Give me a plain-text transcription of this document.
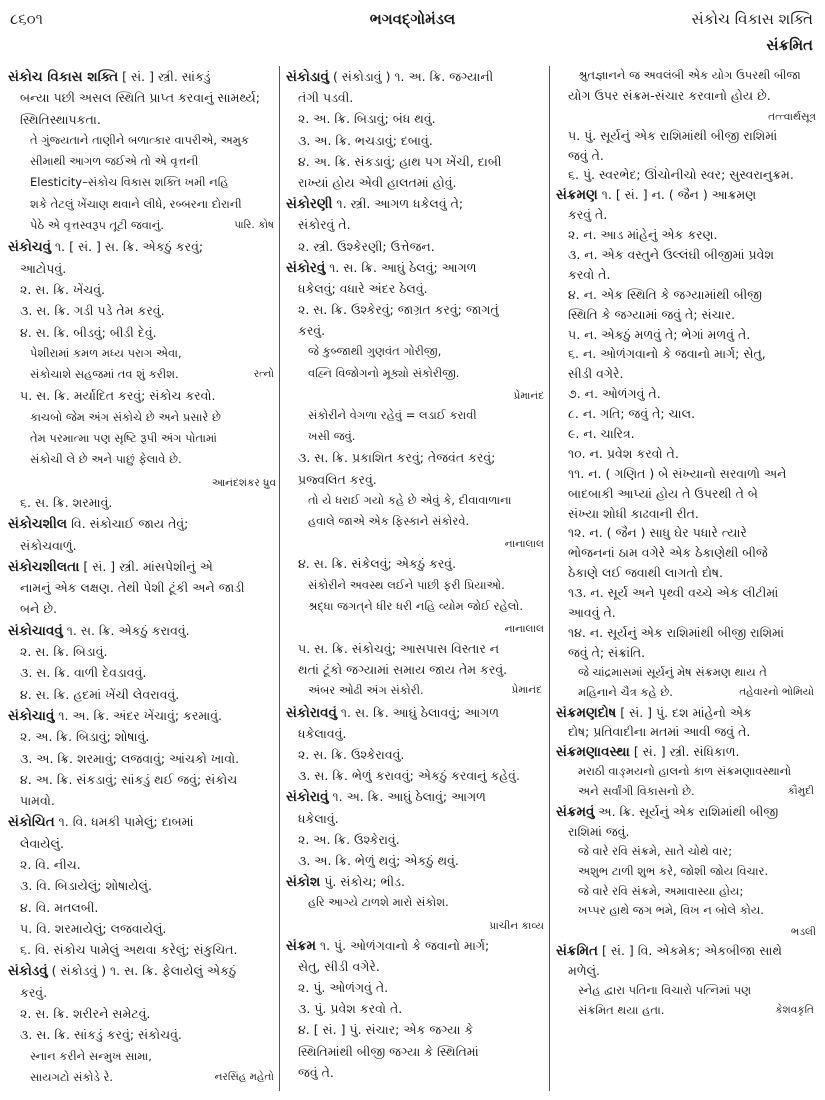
૮૬૦૧	ભગવદ્ગોમંડલ	સંકોચ વિકાસ શક્તિ
સંક્રમિત
સંકોચ વિકાસ શક્તિ [ સં. ] સ્ત્રી. સાંકડું
બન્યા પછી અસલ સ્થિતિ પ્રાપ્ત કરવાનું સામર્થ્ય;
સ્થિતિસ્થાપકતા.
તે ગુંજ્યતાને તાણીને બળાત્કાર વાપરીએ, અમુક
સીમાથી આગળ જઈએ તો એ વૃત્તની
Elesticity–સંકોચ વિકાસ શક્તિ ખમી નહિ
શકે તેટલું ખેંચાણ થવાને લીધે, રબ્બરના દોરાની
પેઠે એ વૃત્તસ્વરૂપ તૂટી જવાનું.	પારિ. કોષ
સંકોચવું ૧. [ સં. ] સ. ક્રિ. એકઠું કરવું;
આટોપવું.
૨. સ. ક્રિ. ખેંચવું.
૩. સ. ક્રિ. ગડી પડે તેમ કરવું.
૪. સ. ક્રિ. બીડવું; બીડી દેવું.
પેશીરામાં કમળ મધ્ય પરાગ એવા,
સંકોચાશે સહજમાં તવ શું કરીશ.	રત્નો
૫. સ. ક્રિ. મર્યાદિત કરવું; સંકોચ કરવો.
કાચબો જેમ અંગ સંકોચે છે અને પ્રસારે છે
તેમ પરમાત્મા પણ સૃષ્ટિ રૂપી અંગ પોતામાં
સંકોચી લે છે અને પાછું ફેલાવે છે.
આનંદશંકર ધ્રુવ
૬. સ. ક્રિ. શરમાવું.
સંકોચશીલ વિ. સંકોચાઈ જાય તેવું;
સંકોચવાળું.
સંકોચશીલતા [ સં. ] સ્ત્રી. માંસપેશીનું એ
નામનું એક લક્ષણ. તેથી પેશી ટૂંકી અને જાડી
બને છે.
સંકોચાવવું ૧. સ. ક્રિ. એકઠું કરાવવું.
૨. સ. ક્રિ. બિડાવું.
૩. સ. ક્રિ. વાળી દેવડાવવું.
૪. સ. ક્રિ. હદમાં ખેંચી લેવરાવવું.
સંકોચાવું ૧. અ. ક્રિ. અંદર ખેંચાવું; કરમાવું.
૨. અ. ક્રિ. બિડાવું; શોષાવું.
૩. અ. ક્રિ. શરમાવું; લજવાવું; આંચકો ખાવો.
૪. અ. ક્રિ. સંકડાવું; સાંકડું થઈ જવું; સંકોચ
પામવો.
સંકોચિત ૧. વિ. ધમકી પામેલું; દાબમાં
લેવાયેલું.
૨. વિ. નીચ.
૩. વિ. બિડાયેલું; શોષાયેલું.
૪. વિ. મતલબી.
૫. વિ. શરમાયેલું; લજવાયેલું.
૬. વિ. સંકોચ પામેલું અથવા કરેલું; સંકુચિત.
સંકોડવું ( સંકોડવું ) ૧. સ. ક્રિ. ફેલાયેલું એકઠું
કરવું.
૨. સ. ક્રિ. શરીરને સમેટવું.
૩. સ. ક્રિ. સાંકડું કરવું; સંકોચવું.
સ્નાન કરીને સન્મુખ સામા,
સાયગટો સંકોડે રે.	નરસિંહ મહેતો
સંકોડાવું ( સંકોડાવું ) ૧. અ. ક્રિ. જગ્યાની
તંગી પડવી.
૨. અ. ક્રિ. બિડાવું; બંધ થવું.
૩. અ. ક્રિ. ભચડાવું; દબાવું.
૪. અ. ક્રિ. સંકડાવું; હાથ પગ ખેંચી, દાબી
રાખ્યાં હોય એવી હાલતમાં હોવું.
સંકોરણી ૧. સ્ત્રી. આગળ ધકેલવું તે;
સંકોરવું તે.
૨. સ્ત્રી. ઉશ્કેરણી; ઉત્તેજન.
સંકોરવું ૧. સ. ક્રિ. આઘું ઠેલવું; આગળ
ધકેલવું; વધારે અંદર ઠેલવું.
૨. સ. ક્રિ. ઉશ્કેરવું; જાગ્રત કરવું; જાગતું
કરવું.
જે કુબ્જાથી ગુણવંત ગોરીજી,
વહ્નિ વિજોગનો મૂક્યો સંકોરીજી.
પ્રેમાનંદ
સંકોરીને વેગળા રહેવું = લડાઈ કરાવી
ખસી જવું.
૩. સ. ક્રિ. પ્રકાશિત કરવું; તેજવંત કરવું;
પ્રજ્વલિત કરવું.
તો યે ધરાઈ ગયો કહે છે એવું કે, દીવાવાળાના
હવાલે જાએ એક ફિસ્કાને સંકોરવે.
નાનાલાલ
૪. સ. ક્રિ. સંકેલવું; એકઠું કરવું.
સંકોરીને અવસ્થ લઈને પાછી ફરી પ્રિયાઓ.
શ્રદ્ધા જગત્‌ને ધીર ધરી નહિ વ્યોમ જોઈ રહેલો.
નાનાલાલ
૫. સ. ક્રિ. સંકોચવું; આસપાસ વિસ્તાર ન
થતાં ટૂંકો જગ્યામાં સમાય જાય તેમ કરવું.
અંબર ઓઢી અંગ સંકોરી.	પ્રેમાનંદ
સંકોરાવવું ૧. સ. ક્રિ. આઘું ઠેલાવવું; આગળ
ધકેલાવવું.
૨. સ. ક્રિ. ઉશ્કેરાવવું.
૩. સ. ક્રિ. ભેળું કરાવવું; એકઠું કરવાનું કહેવું.
સંકોરાવું ૧. અ. ક્રિ. આઘું ઠેલાવું; આગળ
ધકેલાવું.
૨. અ. ક્રિ. ઉશ્કેરાવું.
૩. અ. ક્રિ. ભેળું થવું; એકઠું થવું.
સંકોશ પું. સંકોચ; ભીડ.
હરિ આગ્યે ટાળશે મારો સંકોશ.
પ્રાચીન કાવ્ય
સંક્રમ ૧. પું. ઓળંગવાનો કે જવાનો માર્ગ;
સેતુ, સીડી વગેરે.
૨. પું. ઓળંગવું તે.
૩. પું. પ્રવેશ કરવો તે.
૪. [ સં. ] પું. સંચાર; એક જગ્યા કે
સ્થિતિમાંથી બીજી જગ્યા કે સ્થિતિમાં
જવું તે.
શ્રુતજ્ઞાનને જ અવલંબી એક યોગ ઉપરથી બીજા
યોગ ઉપર સંક્રમ-સંચાર કરવાનો હોય છે.
તત્ત્વાર્થસૂત્ર
૫. પું. સૂર્યનું એક રાશિમાંથી બીજી રાશિમાં
જવું તે.
૬. પું. સ્વરભેદ; ઊંચોનીચો સ્વર; સુસ્વરાનુક્રમ.
સંક્રમણ ૧. [ સં. ] ન. ( જૈન ) આક્રમણ
કરવું તે.
૨. ન. આડ માંહેનું એક કરણ.
૩. ન. એક વસ્તુને ઉલ્લંઘી બીજીમાં પ્રવેશ
કરવો તે.
૪. ન. એક સ્થિતિ કે જગ્યામાંથી બીજી
સ્થિતિ કે જગ્યામાં જવું તે; સંચાર.
૫. ન. એકઠું મળવું તે; ભેગાં મળવું તે.
૬. ન. ઓળંગવાનો કે જવાનો માર્ગ; સેતુ,
સીડી વગેરે.
૭. ન. ઓળંગવું તે.
૮. ન. ગતિ; જવું તે; ચાલ.
૯. ન. ચારિત્ર.
૧૦. ન. પ્રવેશ કરવો તે.
૧૧. ન. ( ગણિત ) બે સંખ્યાનો સરવાળો અને
બાદબાકી આપ્યાં હોય તે ઉપરથી તે બે
સંખ્યા શોધી કાઢવાની રીત.
૧૨. ન. ( જૈન ) સાધુ ઘેર પધારે ત્યારે
ભોજનનાં ઠામ વગેરે એક ઠેકાણેથી બીજે
ઠેકાણે લઈ જવાથી લાગતો દોષ.
૧૩. ન. સૂર્ય અને પૃથ્વી વચ્ચે એક લીટીમાં
આવવું તે.
૧૪. ન. સૂર્યનું એક રાશિમાંથી બીજી રાશિમાં
જવું તે; સંક્રાંતિ.
જે ચાંદ્રમાસમાં સૂર્યનું મેષ સંક્રમણ થાય તે
મહિનાને ચૈત્ર કહે છે.	તહેવારનો ભોમિયો
સંક્રમણદોષ [ સં. ] પું. દશ માંહેનો એક
દોષ; પ્રતિવાદીના મતમાં આવી જવું તે.
સંક્રમણાવસ્થા [ સં. ] સ્ત્રી. સંધિકાળ.
મરાઠી વાઙ્મયનો હાલનો કાળ સંક્રમણાવસ્થાનો
અને સર્વાંગી વિકાસનો છે.	કૌમુદી
સંક્રમવું અ. ક્રિ. સૂર્યનું એક રાશિમાંથી બીજી
રાશિમાં જવું.
જે વારે રવિ સંક્રમે, સાતે ચોથે વાર;
અશુભ ટાળી શુભ કરે, જોશી જોય વિચાર.
જે વારે રવિ સંક્રમે, અમાવાસ્યા હોય;
ખપ્પર હાથે જગ ભમે, વિખ ન બોલે કોય.
ભડલી
સંક્રમિત [ સં. ] વિ. એકમેક; એકબીજા સાથે
મળેલું.
સ્નેહ દ્વારા પતિના વિચારો પત્નિમાં પણ
સંક્રમિત થયા હતા.	કેશવકૃતિ
